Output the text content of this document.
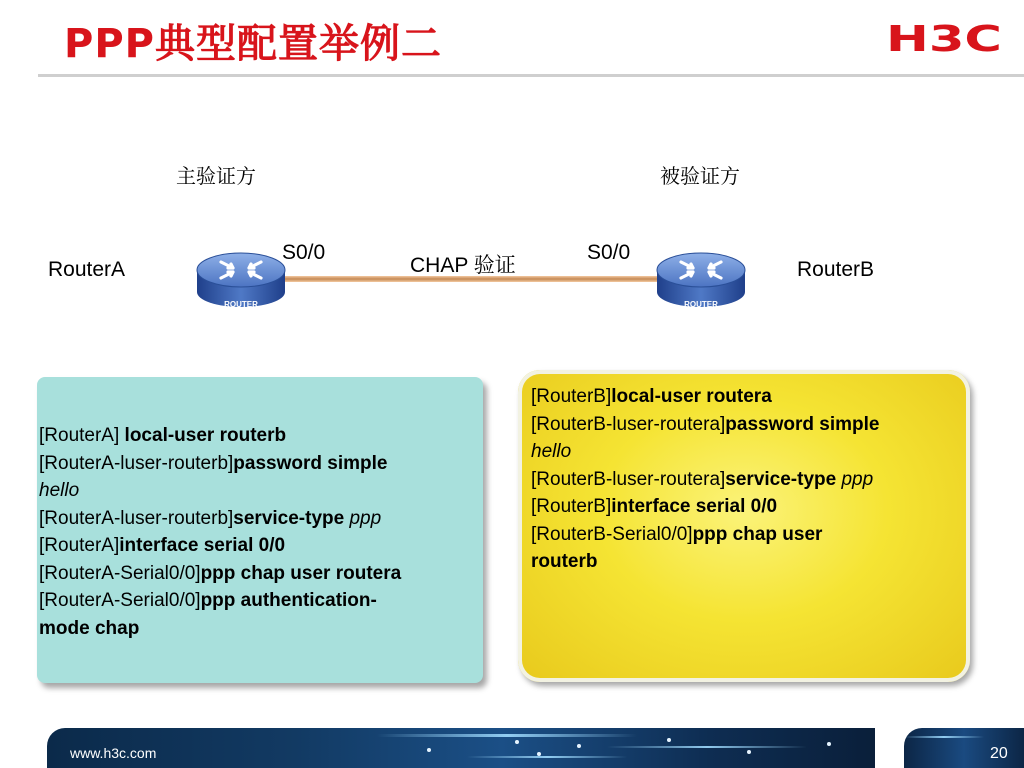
PPP典型配置举例二	H3C
主验证方	被验证方
RouterA	RouterB
S0/0	S0/0
CHAP 验证
ROUTER	ROUTER
[RouterA] local-user routerb
[RouterA-luser-routerb]password simple
hello
[RouterA-luser-routerb]service-type ppp
[RouterA]interface serial 0/0
[RouterA-Serial0/0]ppp chap user routera
[RouterA-Serial0/0]ppp authentication-
mode chap
[RouterB]local-user routera
[RouterB-luser-routera]password simple
hello
[RouterB-luser-routera]service-type ppp
[RouterB]interface serial 0/0
[RouterB-Serial0/0]ppp chap user
routerb
www.h3c.com	20
